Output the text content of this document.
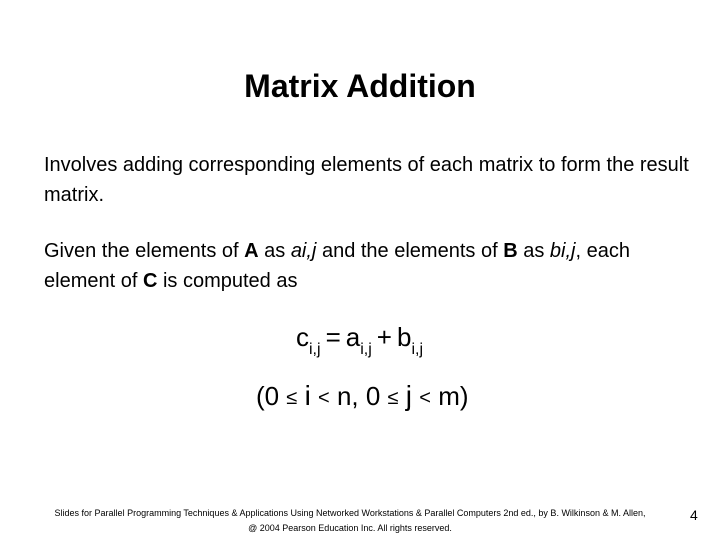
Matrix Addition
Involves adding corresponding elements of each matrix to form the result matrix.
Given the elements of A as ai,j and the elements of B as bi,j, each element of C is computed as
$c_{i,j} = a_{i,j} + b_{i,j}$
(0 ≤ i < n, 0 ≤ j < m)
Slides for Parallel Programming Techniques & Applications Using Networked Workstations & Parallel Computers 2nd ed., by B. Wilkinson & M. Allen,
@ 2004 Pearson Education Inc. All rights reserved.
4
